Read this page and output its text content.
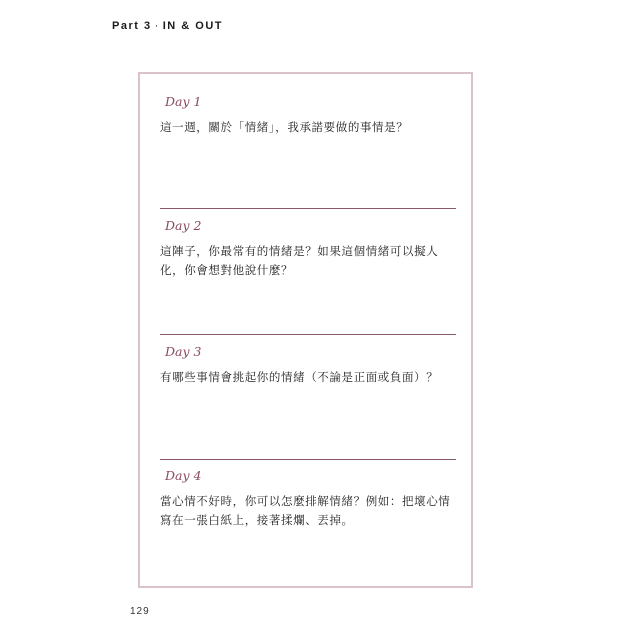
Part 3 · IN & OUT
Day 1
這一週，關於「情緒」，我承諾要做的事情是？
Day 2
這陣子，你最常有的情緒是？如果這個情緒可以擬人化，你會想對他說什麼？
Day 3
有哪些事情會挑起你的情緒（不論是正面或負面）？
Day 4
當心情不好時，你可以怎麼排解情緒？例如：把壞心情寫在一張白紙上，接著揉爛、丟掉。
129
